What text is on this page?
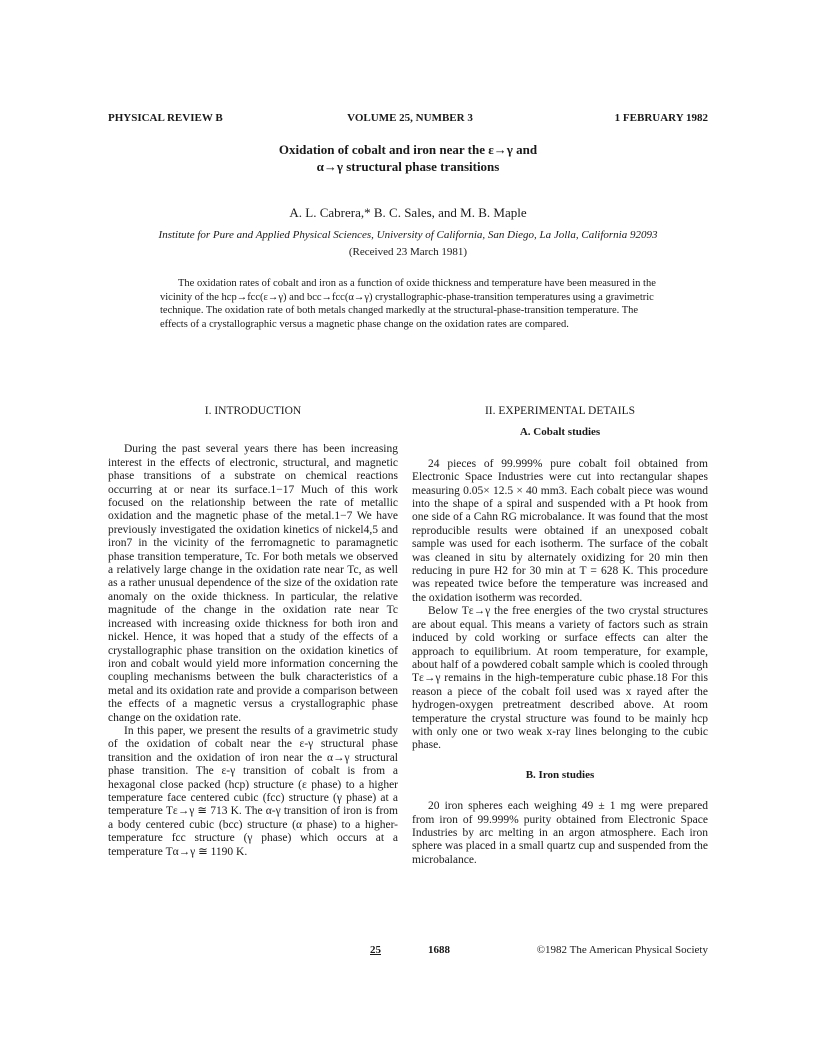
PHYSICAL REVIEW B	VOLUME 25, NUMBER 3	1 FEBRUARY 1982
Oxidation of cobalt and iron near the ε→γ and
α→γ structural phase transitions
A. L. Cabrera,* B. C. Sales, and M. B. Maple
Institute for Pure and Applied Physical Sciences, University of California, San Diego, La Jolla, California 92093
(Received 23 March 1981)

The oxidation rates of cobalt and iron as a function of oxide thickness and temperature have been measured in the vicinity of the hcp→fcc(ε→γ) and bcc→fcc(α→γ) crystallographic-phase-transition temperatures using a gravimetric technique. The oxidation rate of both metals changed markedly at the structural-phase-transition temperature. The effects of a crystallographic versus a magnetic phase change on the oxidation rates are compared.

I. INTRODUCTION

During the past several years there has been increasing interest in the effects of electronic, structural, and magnetic phase transitions of a substrate on chemical reactions occurring at or near its surface.1−17 Much of this work focused on the relationship between the rate of metallic oxidation and the magnetic phase of the metal.1−7 We have previously investigated the oxidation kinetics of nickel4,5 and iron7 in the vicinity of the ferromagnetic to paramagnetic phase transition temperature, Tc. For both metals we observed a relatively large change in the oxidation rate near Tc, as well as a rather unusual dependence of the size of the oxidation rate anomaly on the oxide thickness. In particular, the relative magnitude of the change in the oxidation rate near Tc increased with increasing oxide thickness for both iron and nickel. Hence, it was hoped that a study of the effects of a crystallographic phase transition on the oxidation kinetics of iron and cobalt would yield more information concerning the coupling mechanisms between the bulk characteristics of a metal and its oxidation rate and provide a comparison between the effects of a magnetic versus a crystallographic phase change on the oxidation rate.

In this paper, we present the results of a gravimetric study of the oxidation of cobalt near the ε-γ structural phase transition and the oxidation of iron near the α→γ structural phase transition. The ε-γ transition of cobalt is from a hexagonal close packed (hcp) structure (ε phase) to a higher temperature face centered cubic (fcc) structure (γ phase) at a temperature Tε→γ ≅ 713 K. The α-γ transition of iron is from a body centered cubic (bcc) structure (α phase) to a higher-temperature fcc structure (γ phase) which occurs at a temperature Tα→γ ≅ 1190 K.

II. EXPERIMENTAL DETAILS
A. Cobalt studies

24 pieces of 99.999% pure cobalt foil obtained from Electronic Space Industries were cut into rectangular shapes measuring 0.05× 12.5 × 40 mm3. Each cobalt piece was wound into the shape of a spiral and suspended with a Pt hook from one side of a Cahn RG microbalance. It was found that the most reproducible results were obtained if an unexposed cobalt sample was used for each isotherm. The surface of the cobalt was cleaned in situ by alternately oxidizing for 20 min then reducing in pure H2 for 30 min at T = 628 K. This procedure was repeated twice before the temperature was increased and the oxidation isotherm was recorded.

Below Tε→γ the free energies of the two crystal structures are about equal. This means a variety of factors such as strain induced by cold working or surface effects can alter the approach to equilibrium. At room temperature, for example, about half of a powdered cobalt sample which is cooled through Tε→γ remains in the high-temperature cubic phase.18 For this reason a piece of the cobalt foil used was x rayed after the hydrogen-oxygen pretreatment described above. At room temperature the crystal structure was found to be mainly hcp with only one or two weak x-ray lines belonging to the cubic phase.

B. Iron studies

20 iron spheres each weighing 49 ± 1 mg were prepared from iron of 99.999% purity obtained from Electronic Space Industries by arc melting in an argon atmosphere. Each iron sphere was placed in a small quartz cup and suspended from the microbalance.

25	1688	©1982 The American Physical Society
